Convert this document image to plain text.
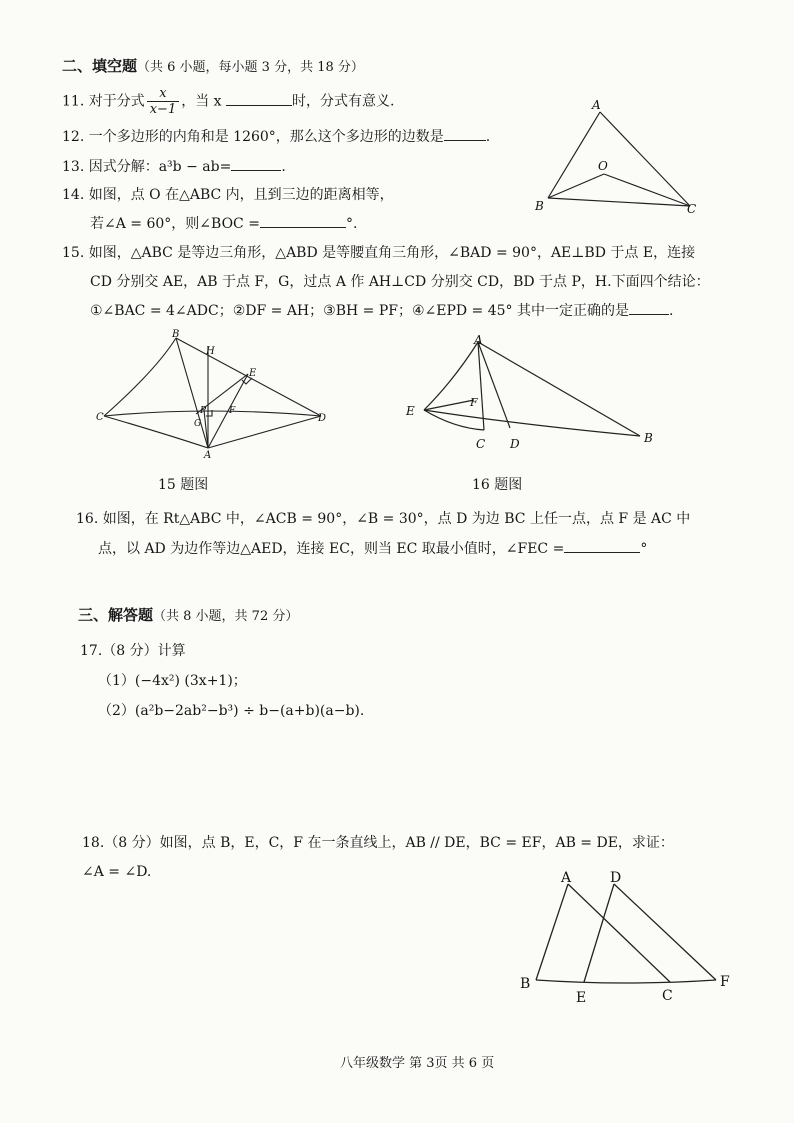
二、填空题（共 6 小题，每小题 3 分，共 18 分）
11. 对于分式 $\frac{x}{x-1}$ ，当 x	时，分式有意义.
12. 一个多边形的内角和是 1260°，那么这个多边形的边数是	.
13. 因式分解：a³b − ab=	.
14. 如图，点 O 在△ABC 内，且到三边的距离相等，
若∠A = 60°，则∠BOC =	°.
A
O
B	C
15. 如图，△ABC 是等边三角形，△ABD 是等腰直角三角形，∠BAD = 90°，AE⊥BD 于点 E，连接
CD 分别交 AE，AB 于点 F，G，过点 A 作 AH⊥CD 分别交 CD，BD 于点 P，H.下面四个结论：
①∠BAC = 4∠ADC；②DF = AH；③BH = PF；④∠EPD = 45° 其中一定正确的是	.
B
H
E
C
P
G
F
D
A
15 题图
A
E
F
C D	B
16 题图
16. 如图，在 Rt△ABC 中，∠ACB = 90°，∠B = 30°，点 D 为边 BC 上任一点，点 F 是 AC 中
点，以 AD 为边作等边△AED，连接 EC，则当 EC 取最小值时，∠FEC =	°
三、解答题（共 8 小题，共 72 分）
17.（8 分）计算
（1）(−4x²) (3x+1)；
（2）(a²b−2ab²−b³) ÷ b−(a+b)(a−b).
18.（8 分）如图，点 B，E，C，F 在一条直线上，AB // DE，BC = EF，AB = DE，求证：
∠A = ∠D.	A	D
B
E	C
F
八年级数学 第 3页 共 6 页
